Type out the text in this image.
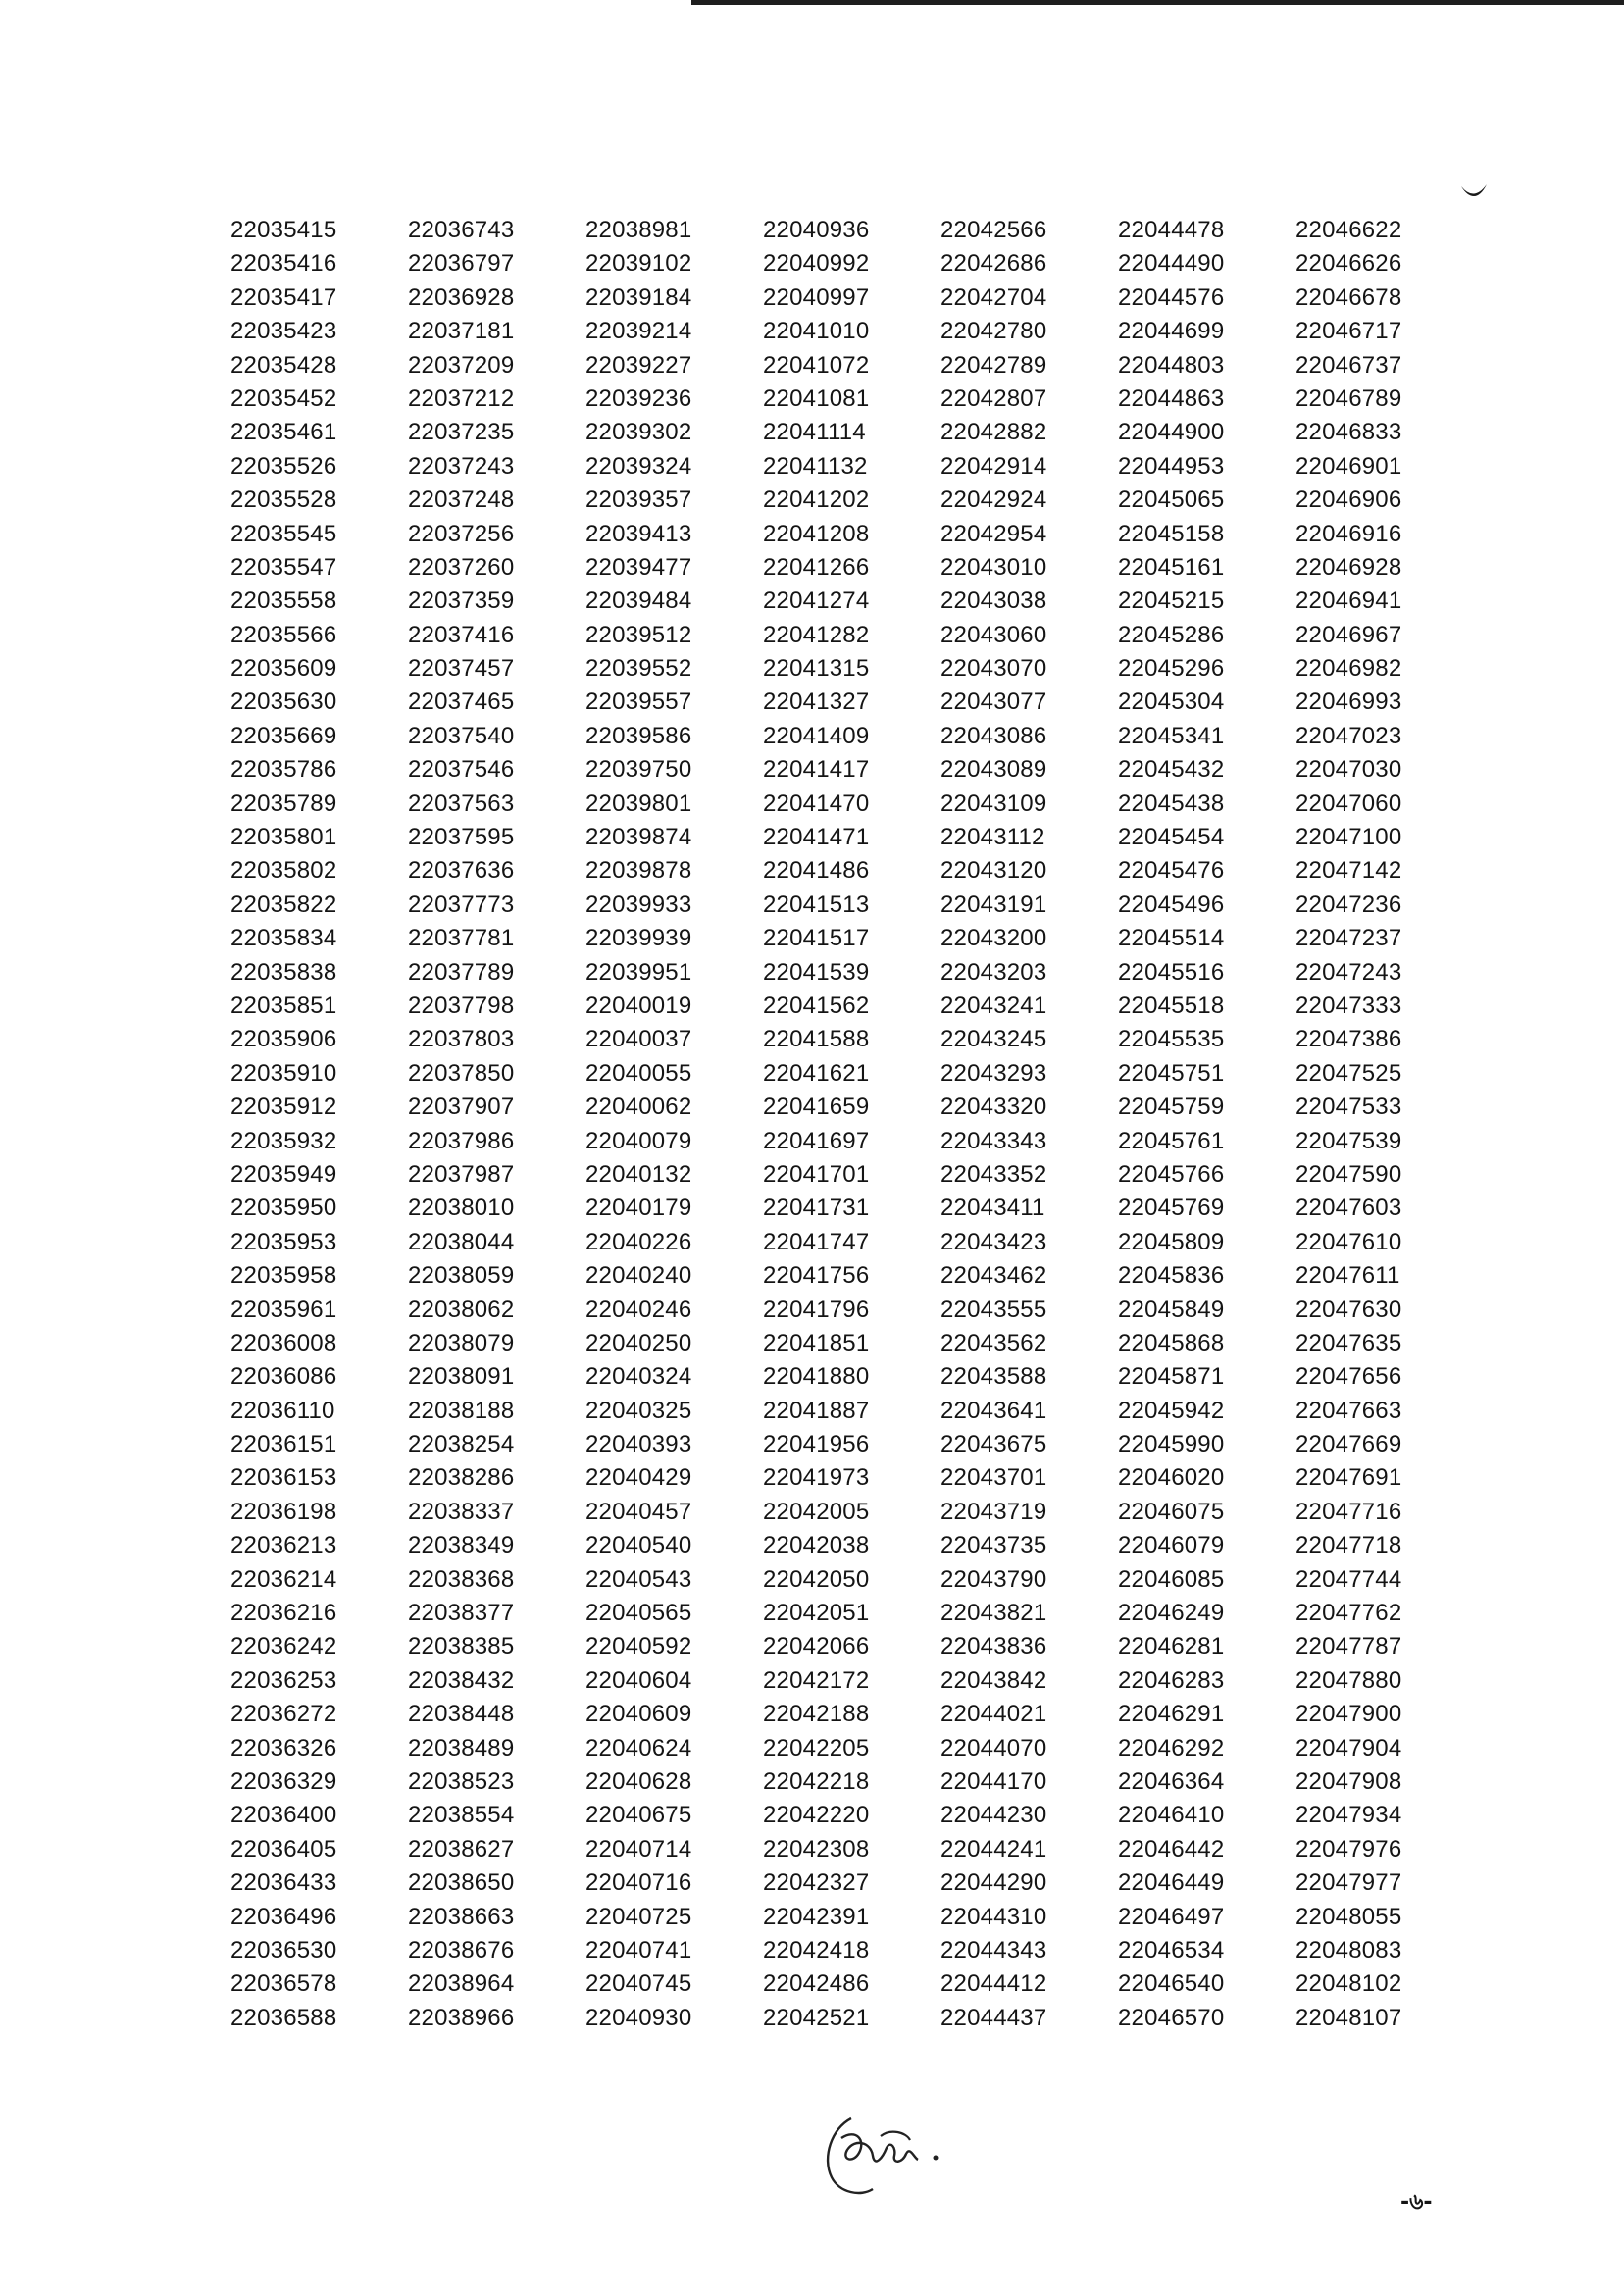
22035415
22035416
22035417
22035423
22035428
22035452
22035461
22035526
22035528
22035545
22035547
22035558
22035566
22035609
22035630
22035669
22035786
22035789
22035801
22035802
22035822
22035834
22035838
22035851
22035906
22035910
22035912
22035932
22035949
22035950
22035953
22035958
22035961
22036008
22036086
22036110
22036151
22036153
22036198
22036213
22036214
22036216
22036242
22036253
22036272
22036326
22036329
22036400
22036405
22036433
22036496
22036530
22036578
22036588
22036743
22036797
22036928
22037181
22037209
22037212
22037235
22037243
22037248
22037256
22037260
22037359
22037416
22037457
22037465
22037540
22037546
22037563
22037595
22037636
22037773
22037781
22037789
22037798
22037803
22037850
22037907
22037986
22037987
22038010
22038044
22038059
22038062
22038079
22038091
22038188
22038254
22038286
22038337
22038349
22038368
22038377
22038385
22038432
22038448
22038489
22038523
22038554
22038627
22038650
22038663
22038676
22038964
22038966
22038981
22039102
22039184
22039214
22039227
22039236
22039302
22039324
22039357
22039413
22039477
22039484
22039512
22039552
22039557
22039586
22039750
22039801
22039874
22039878
22039933
22039939
22039951
22040019
22040037
22040055
22040062
22040079
22040132
22040179
22040226
22040240
22040246
22040250
22040324
22040325
22040393
22040429
22040457
22040540
22040543
22040565
22040592
22040604
22040609
22040624
22040628
22040675
22040714
22040716
22040725
22040741
22040745
22040930
22040936
22040992
22040997
22041010
22041072
22041081
22041114
22041132
22041202
22041208
22041266
22041274
22041282
22041315
22041327
22041409
22041417
22041470
22041471
22041486
22041513
22041517
22041539
22041562
22041588
22041621
22041659
22041697
22041701
22041731
22041747
22041756
22041796
22041851
22041880
22041887
22041956
22041973
22042005
22042038
22042050
22042051
22042066
22042172
22042188
22042205
22042218
22042220
22042308
22042327
22042391
22042418
22042486
22042521
22042566
22042686
22042704
22042780
22042789
22042807
22042882
22042914
22042924
22042954
22043010
22043038
22043060
22043070
22043077
22043086
22043089
22043109
22043112
22043120
22043191
22043200
22043203
22043241
22043245
22043293
22043320
22043343
22043352
22043411
22043423
22043462
22043555
22043562
22043588
22043641
22043675
22043701
22043719
22043735
22043790
22043821
22043836
22043842
22044021
22044070
22044170
22044230
22044241
22044290
22044310
22044343
22044412
22044437
22044478
22044490
22044576
22044699
22044803
22044863
22044900
22044953
22045065
22045158
22045161
22045215
22045286
22045296
22045304
22045341
22045432
22045438
22045454
22045476
22045496
22045514
22045516
22045518
22045535
22045751
22045759
22045761
22045766
22045769
22045809
22045836
22045849
22045868
22045871
22045942
22045990
22046020
22046075
22046079
22046085
22046249
22046281
22046283
22046291
22046292
22046364
22046410
22046442
22046449
22046497
22046534
22046540
22046570
22046622
22046626
22046678
22046717
22046737
22046789
22046833
22046901
22046906
22046916
22046928
22046941
22046967
22046982
22046993
22047023
22047030
22047060
22047100
22047142
22047236
22047237
22047243
22047333
22047386
22047525
22047533
22047539
22047590
22047603
22047610
22047611
22047630
22047635
22047656
22047663
22047669
22047691
22047716
22047718
22047744
22047762
22047787
22047880
22047900
22047904
22047908
22047934
22047976
22047977
22048055
22048083
22048102
22048107
-৬-
